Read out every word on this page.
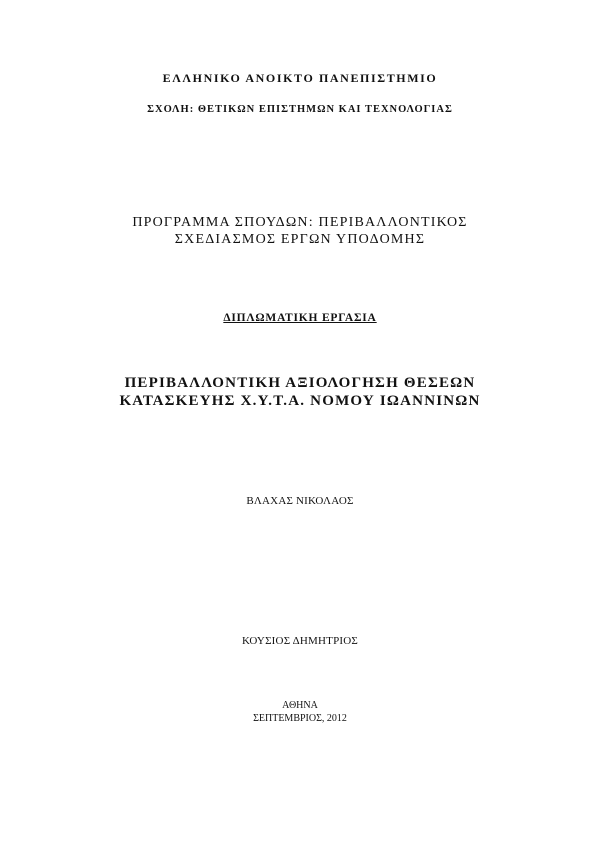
ΕΛΛΗΝΙΚΟ ΑΝΟΙΚΤΟ ΠΑΝΕΠΙΣΤΗΜΙΟ
ΣΧΟΛΗ: ΘΕΤΙΚΩΝ ΕΠΙΣΤΗΜΩΝ ΚΑΙ ΤΕΧΝΟΛΟΓΙΑΣ
ΠΡΟΓΡΑΜΜΑ ΣΠΟΥΔΩΝ: ΠΕΡΙΒΑΛΛΟΝΤΙΚΟΣ
ΣΧΕΔΙΑΣΜΟΣ ΕΡΓΩΝ ΥΠΟΔΟΜΗΣ
ΔΙΠΛΩΜΑΤΙΚΗ ΕΡΓΑΣΙΑ
ΠΕΡΙΒΑΛΛΟΝΤΙΚΗ ΑΞΙΟΛΟΓΗΣΗ ΘΕΣΕΩΝ
ΚΑΤΑΣΚΕΥΗΣ Χ.Υ.Τ.Α. ΝΟΜΟΥ ΙΩΑΝΝΙΝΩΝ
ΒΛΑΧΑΣ ΝΙΚΟΛΑΟΣ
ΚΟΥΣΙΟΣ ΔΗΜΗΤΡΙΟΣ
ΑΘΗΝΑ
ΣΕΠΤΕΜΒΡΙΟΣ, 2012
